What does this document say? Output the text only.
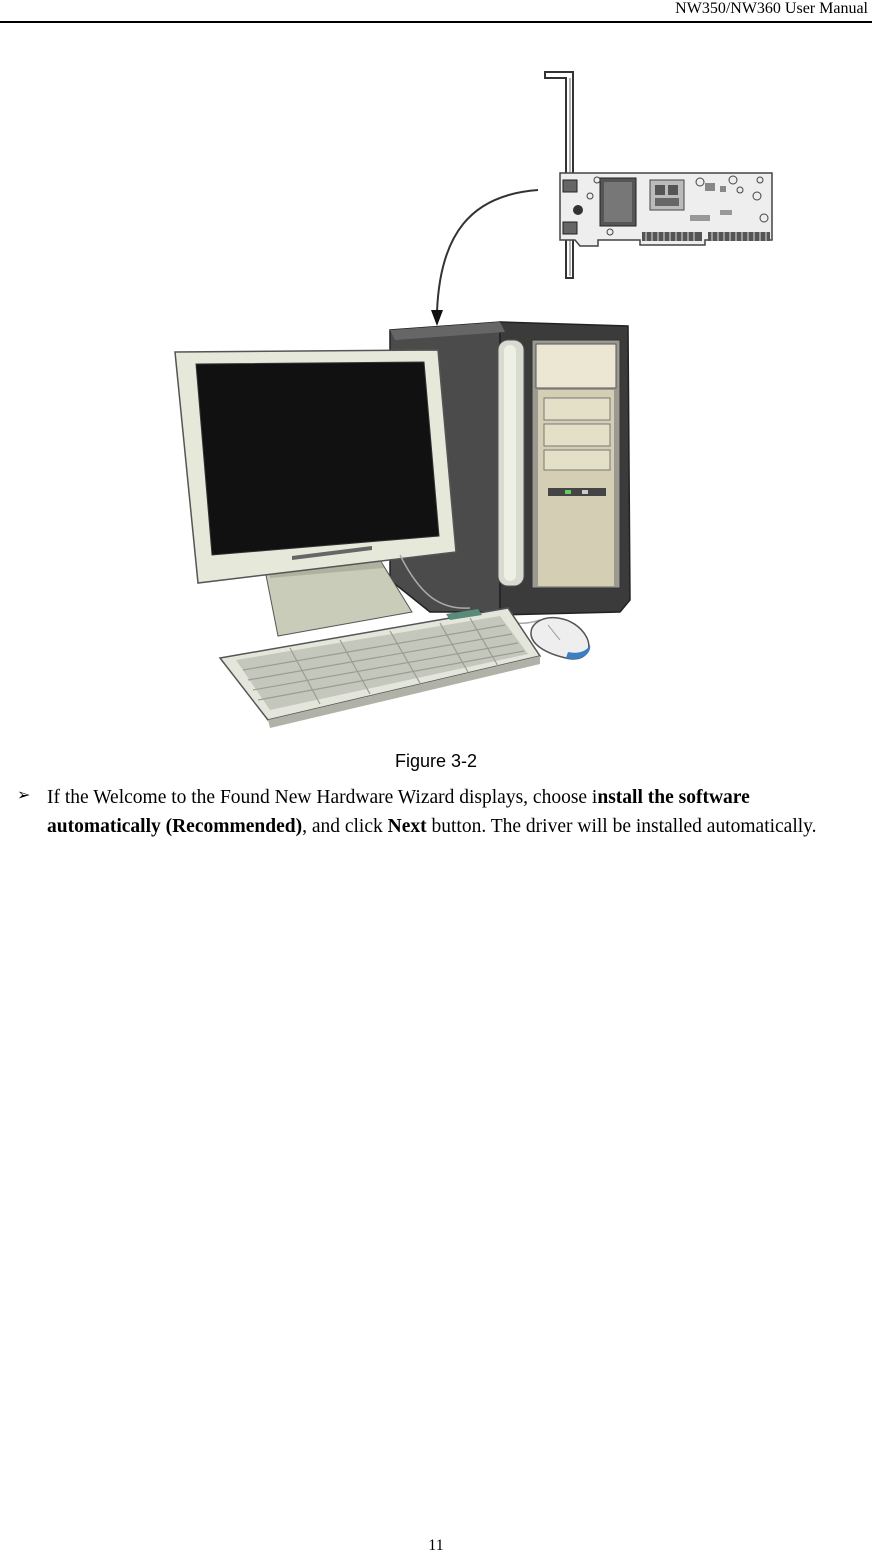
NW350/NW360 User Manual
Figure 3-2
➢ If the Welcome to the Found New Hardware Wizard displays, choose install the software automatically (Recommended), and click Next button. The driver will be installed automatically.
11
